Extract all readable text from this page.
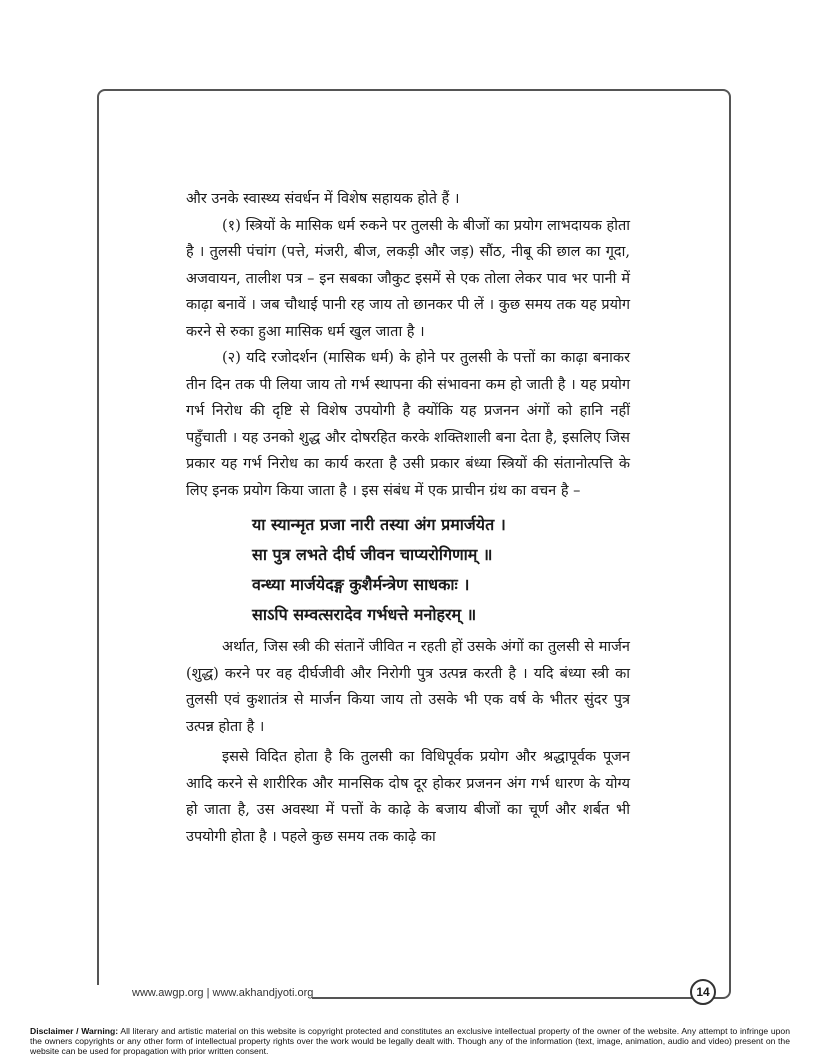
और उनके स्वास्थ्य संवर्धन में विशेष सहायक होते हैं ।

(१) स्त्रियों के मासिक धर्म रुकने पर तुलसी के बीजों का प्रयोग लाभदायक होता है । तुलसी पंचांग (पत्ते, मंजरी, बीज, लकड़ी और जड़) सौंठ, नीबू की छाल का गूदा, अजवायन, तालीश पत्र – इन सबका जौकुट इसमें से एक तोला लेकर पाव भर पानी में काढ़ा बनावें । जब चौथाई पानी रह जाय तो छानकर पी लें । कुछ समय तक यह प्रयोग करने से रुका हुआ मासिक धर्म खुल जाता है ।

(२) यदि रजोदर्शन (मासिक धर्म) के होने पर तुलसी के पत्तों का काढ़ा बनाकर तीन दिन तक पी लिया जाय तो गर्भ स्थापना की संभावना कम हो जाती है । यह प्रयोग गर्भ निरोध की दृष्टि से विशेष उपयोगी है क्योंकि यह प्रजनन अंगों को हानि नहीं पहुँचाती । यह उनको शुद्ध और दोषरहित करके शक्तिशाली बना देता है, इसलिए जिस प्रकार यह गर्भ निरोध का कार्य करता है उसी प्रकार बंध्या स्त्रियों की संतानोत्पत्ति के लिए इनक प्रयोग किया जाता है । इस संबंध में एक प्राचीन ग्रंथ का वचन है –

या स्यान्मृत प्रजा नारी तस्या अंग प्रमार्जयेत ।
सा पुत्र लभते दीर्घ जीवन चाप्यरोगिणाम् ॥
वन्ध्या मार्जयेदङ्ग कुशैर्मन्त्रेण साधकाः ।
साऽपि सम्वत्सरादेव गर्भधत्ते मनोहरम् ॥

अर्थात, जिस स्त्री की संतानें जीवित न रहती हों उसके अंगों का तुलसी से मार्जन (शुद्ध) करने पर वह दीर्घजीवी और निरोगी पुत्र उत्पन्न करती है । यदि बंध्या स्त्री का तुलसी एवं कुशातंत्र से मार्जन किया जाय तो उसके भी एक वर्ष के भीतर सुंदर पुत्र उत्पन्न होता है ।

इससे विदित होता है कि तुलसी का विधिपूर्वक प्रयोग और श्रद्धापूर्वक पूजन आदि करने से शारीरिक और मानसिक दोष दूर होकर प्रजनन अंग गर्भ धारण के योग्य हो जाता है, उस अवस्था में पत्तों के काढ़े के बजाय बीजों का चूर्ण और शर्बत भी उपयोगी होता है । पहले कुछ समय तक काढ़े का

www.awgp.org | www.akhandjyoti.org	14
Disclaimer / Warning: All literary and artistic material on this website is copyright protected and constitutes an exclusive intellectual property of the owner of the website. Any attempt to infringe upon the owners copyrights or any other form of intellectual property rights over the work would be legally dealt with. Though any of the information (text, image, animation, audio and video) present on the website can be used for propagation with prior written consent.
